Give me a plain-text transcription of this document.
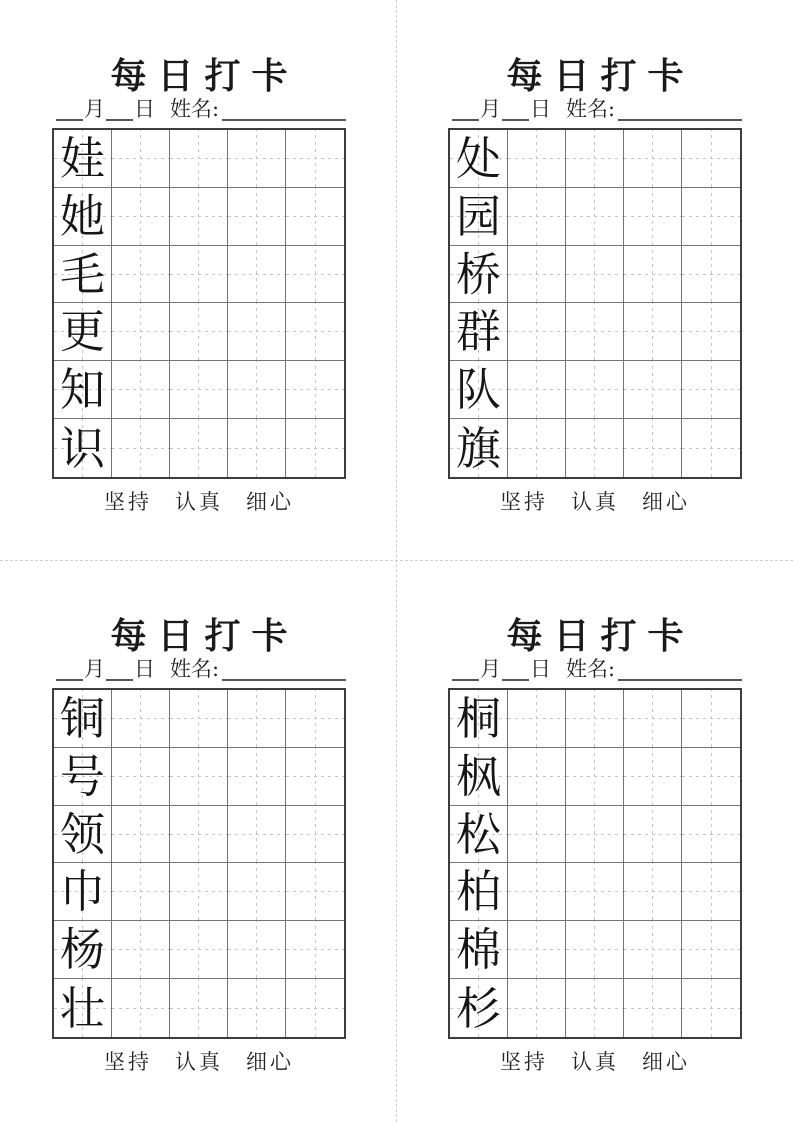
每日打卡
月 日 姓名:
娃
她
毛
更
知
识
坚持 认真 细心
每日打卡
月 日 姓名:
处
园
桥
群
队
旗
坚持 认真 细心
每日打卡
月 日 姓名:
铜
号
领
巾
杨
壮
坚持 认真 细心
每日打卡
月 日 姓名:
桐
枫
松
柏
棉
杉
坚持 认真 细心
